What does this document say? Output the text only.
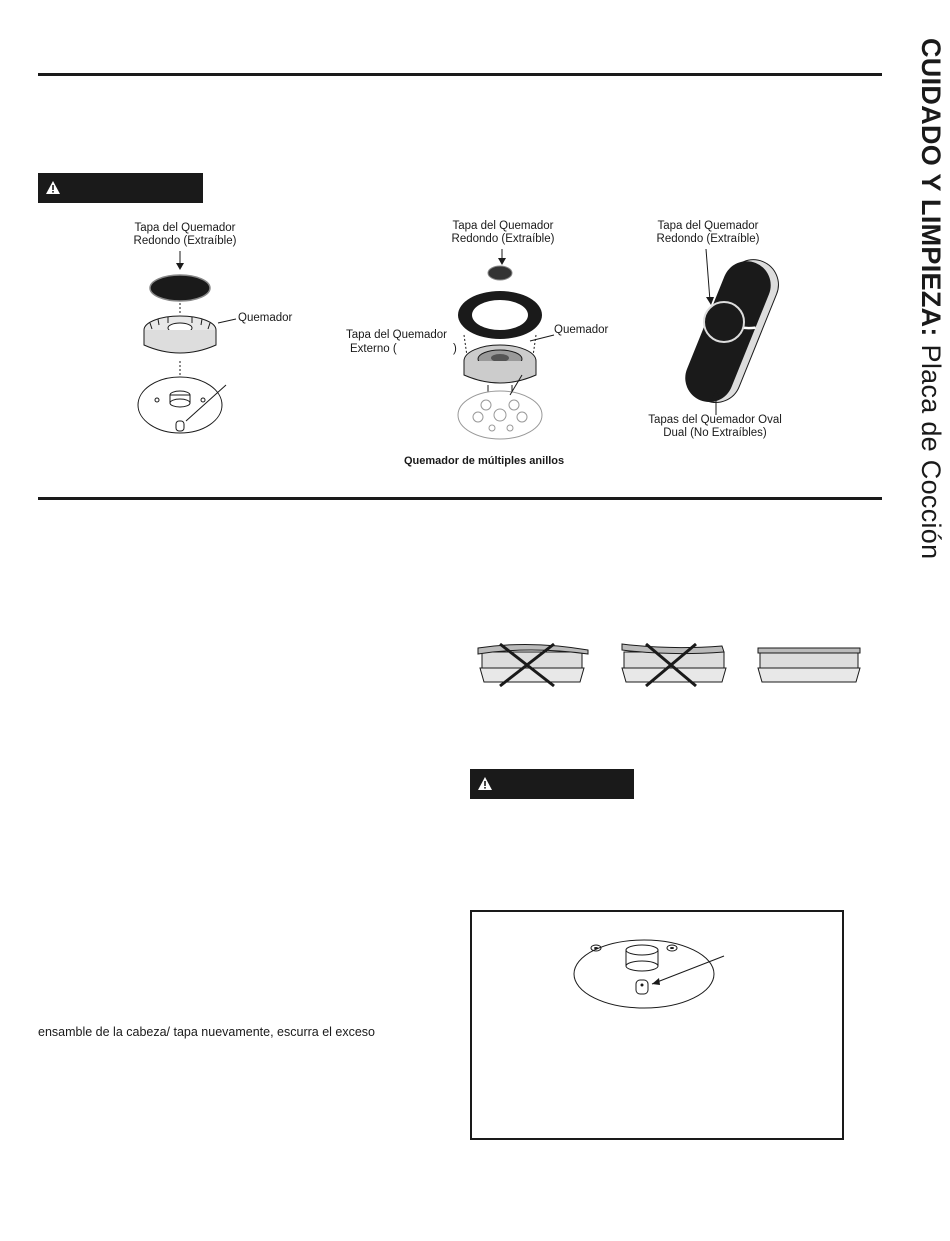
Tapa del Quemador
Redondo (Extraíble)
Quemador
Tapa del Quemador
Redondo (Extraíble)
Tapa del Quemador
Externo (	)
Quemador
Quemador de múltiples anillos
Tapa del Quemador
Redondo (Extraíble)
Tapas del Quemador Oval
Dual (No Extraíbles)
ensamble de la cabeza/ tapa nuevamente, escurra el exceso
CUIDADO Y LIMPIEZA: Placa de Cocción
